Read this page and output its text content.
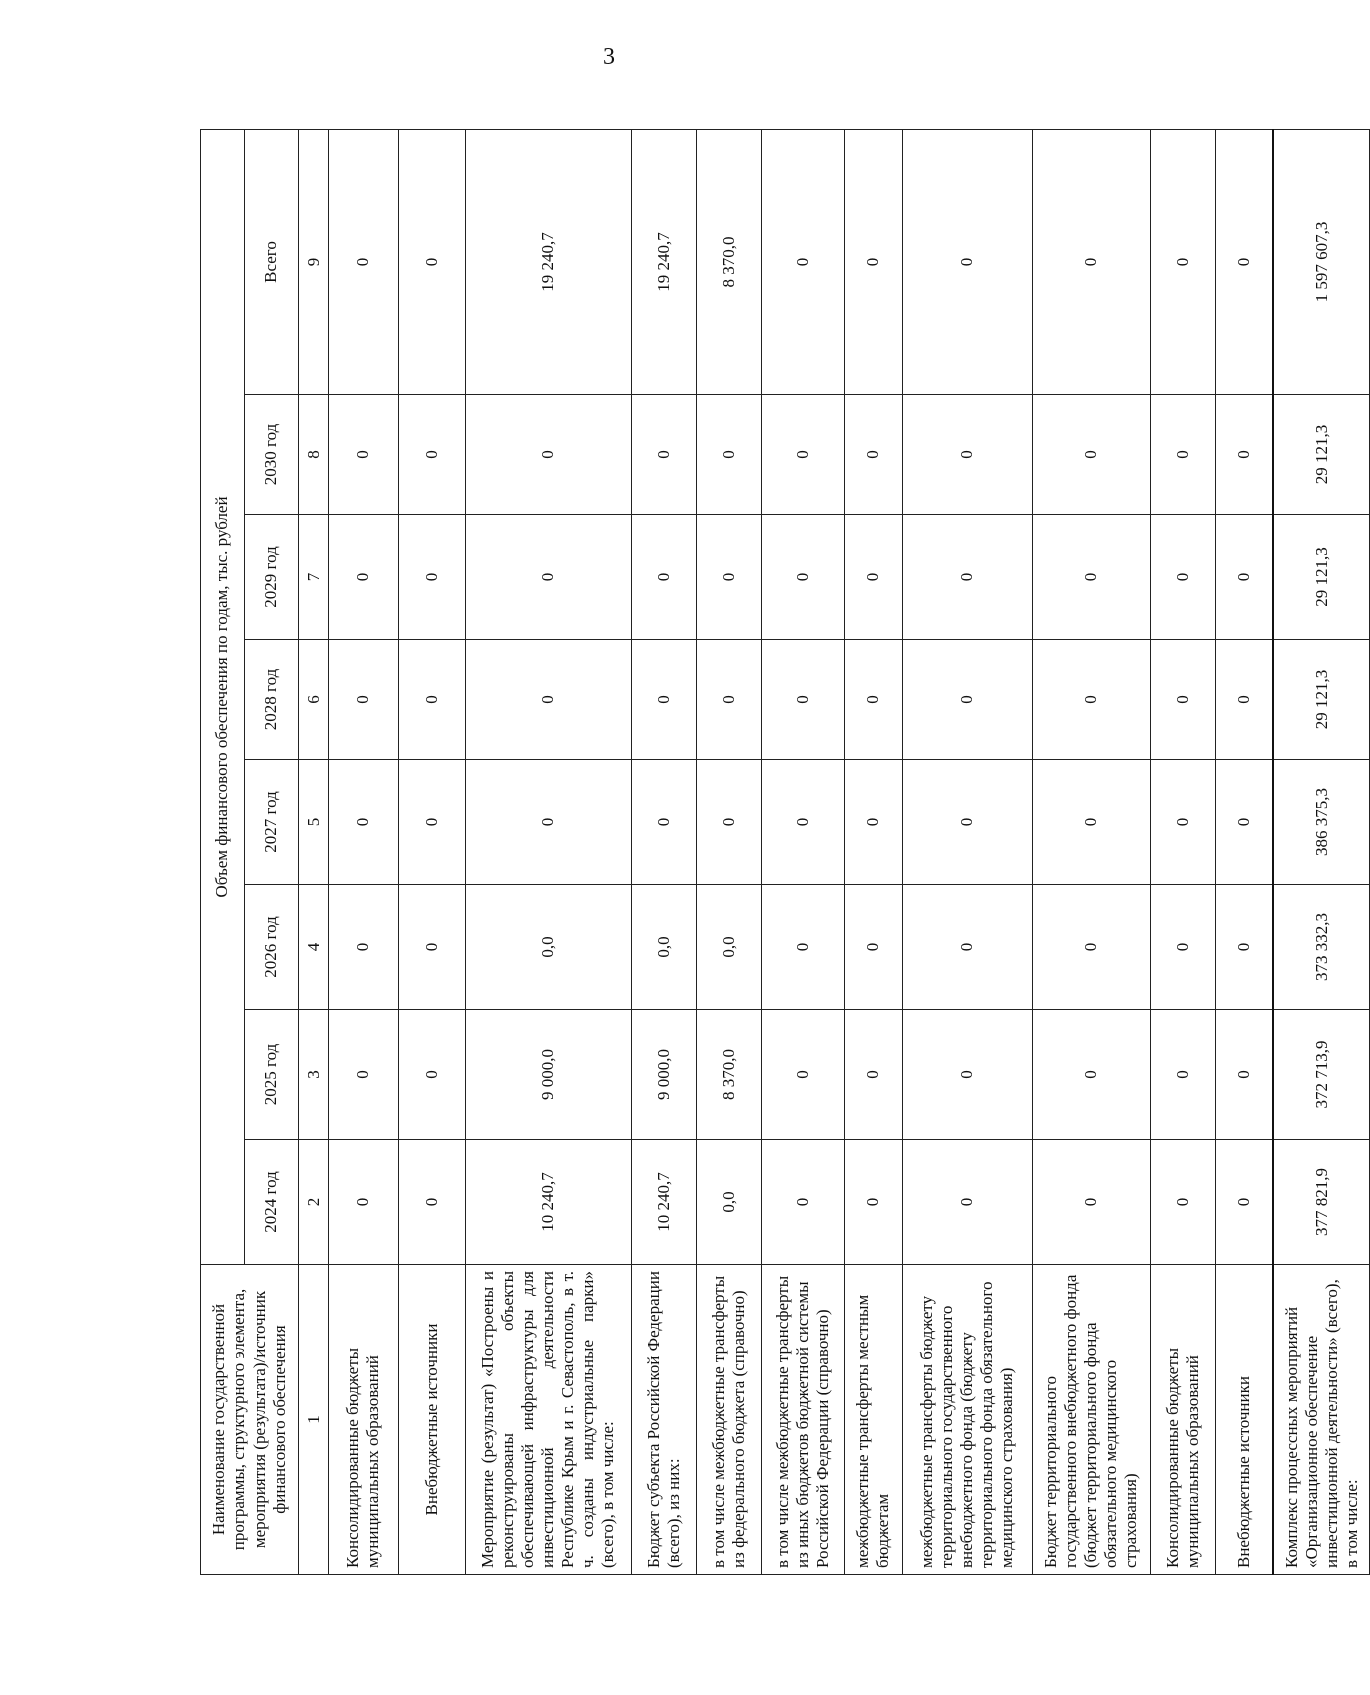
3
Наименование государственной программы, структурного элемента, мероприятия (результата)/источник финансового обеспечения	Объем финансового обеспечения по годам, тыс. рублей							
	2024 год	2025 год	2026 год	2027 год	2028 год	2029 год	2030 год	Всего
1	2	3	4	5	6	7	8	9
Консолидированные бюджеты муниципальных образований	0	0	0	0	0	0	0	0
Внебюджетные источники	0	0	0	0	0	0	0	0
Мероприятие (результат) «Построены и реконструированы объекты обеспечивающей инфраструктуры для инвестиционной деятельности Республике Крым и г. Севастополь, в т. ч. созданы индустриальные парки» (всего), в том числе:	10 240,7	9 000,0	0,0	0	0	0	0	19 240,7
Бюджет субъекта Российской Федерации (всего), из них:	10 240,7	9 000,0	0,0	0	0	0	0	19 240,7
в том числе межбюджетные трансферты из федерального бюджета (справочно)	0,0	8 370,0	0,0	0	0	0	0	8 370,0
в том числе межбюджетные трансферты из иных бюджетов бюджетной системы Российской Федерации (справочно)	0	0	0	0	0	0	0	0
межбюджетные трансферты местным бюджетам	0	0	0	0	0	0	0	0
межбюджетные трансферты бюджету территориального государственного внебюджетного фонда (бюджету территориального фонда обязательного медицинского страхования)	0	0	0	0	0	0	0	0
Бюджет территориального государственного внебюджетного фонда (бюджет территориального фонда обязательного медицинского страхования)	0	0	0	0	0	0	0	0
Консолидированные бюджеты муниципальных образований	0	0	0	0	0	0	0	0
Внебюджетные источники	0	0	0	0	0	0	0	0
Комплекс процессных мероприятий «Организационное обеспечение инвестиционной деятельности» (всего), в том числе:	377 821,9	372 713,9	373 332,3	386 375,3	29 121,3	29 121,3	29 121,3	1 597 607,3
